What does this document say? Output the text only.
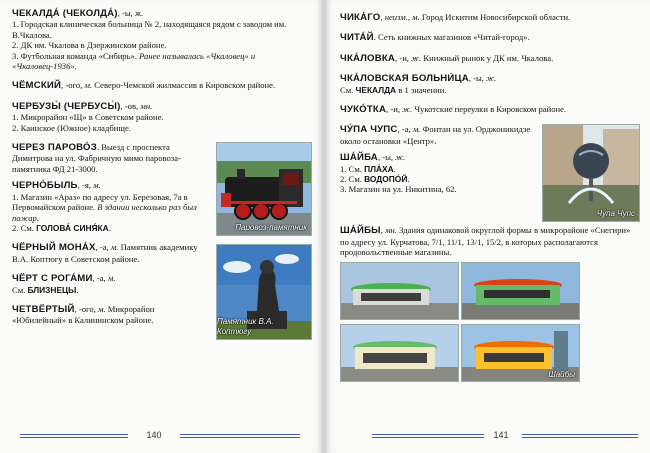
ЧЕКАЛДА́ (ЧЕКОЛДА́), -ы, ж.
1. Городская клиническая больница № 2, находящаяся рядом с заводом им. В.Чкалова.
2. ДК им. Чкалова в Дзержинском районе.
3. Футбольная команда «Сибирь». Ранее называлась «Чкаловец» и «Чкаловец-1936».
ЧЁМСКИЙ, -ого, м. Северо-Чемской жилмассив в Кировском районе.
ЧЕРБУЗЫ́ (ЧЕРБУСЫ́), -ов, мн.
1. Микрорайон «Щ» в Советском районе.
2. Каинское (Южное) кладбище.
Паровоз-памятник
ЧЕРЕЗ ПАРОВО́З. Выезд с проспекта Димитрова на ул. Фабричную мимо паровоза-памятника ФД 21-3000.
ЧЕРНО́БЫЛЬ, -я, м.
1. Магазин «Араз» по адресу ул. Березовая, 7а в Первомайском районе. В здании несколько раз был пожар.
2. См. ГОЛОВА́ СИНЯ́КА.
Памятник В.А. Коптюгу
ЧЁРНЫЙ МОНА́Х, -а, м. Памятник академику В.А. Коптюгу в Советском районе.
ЧЁРТ С РОГА́МИ, -а, м.
См. БЛИЗНЕЦЫ.
ЧЕТВЁРТЫЙ, -ого, м. Микрорайон «Юбилейный» в Калининском районе.
140
ЧИКА́ГО, неизм., м. Город Искитим Новосибирской области.
ЧИТА́Й. Сеть книжных магазинов «Читай-город».
ЧКА́ЛОВКА, -и, ж. Книжный рынок у ДК им. Чкалова.
ЧКА́ЛОВСКАЯ БОЛЬНИ́ЦА, -ы, ж.
См. ЧЕКАЛДА в 1 значении.
ЧУКО́ТКА, -и, ж. Чукотские переулки в Кировском районе.
Чупа Чупс
ЧУ́ПА ЧУПС, -а, м. Фонтан на ул. Орджоникидзе около остановки «Центр».
ША́ЙБА, -ы, ж.
1. См. ПЛА́ХА.
2. См. ВОДОПО́Й.
3. Магазин на ул. Никитина, 62.
ША́ЙБЫ, мн. Здания одинаковой округлой формы в микрорайоне «Снегири» по адресу ул. Курчатова, 7/1, 11/1, 13/1, 15/2, в которых располагаются продовольственные магазины.
Шайбы
141
